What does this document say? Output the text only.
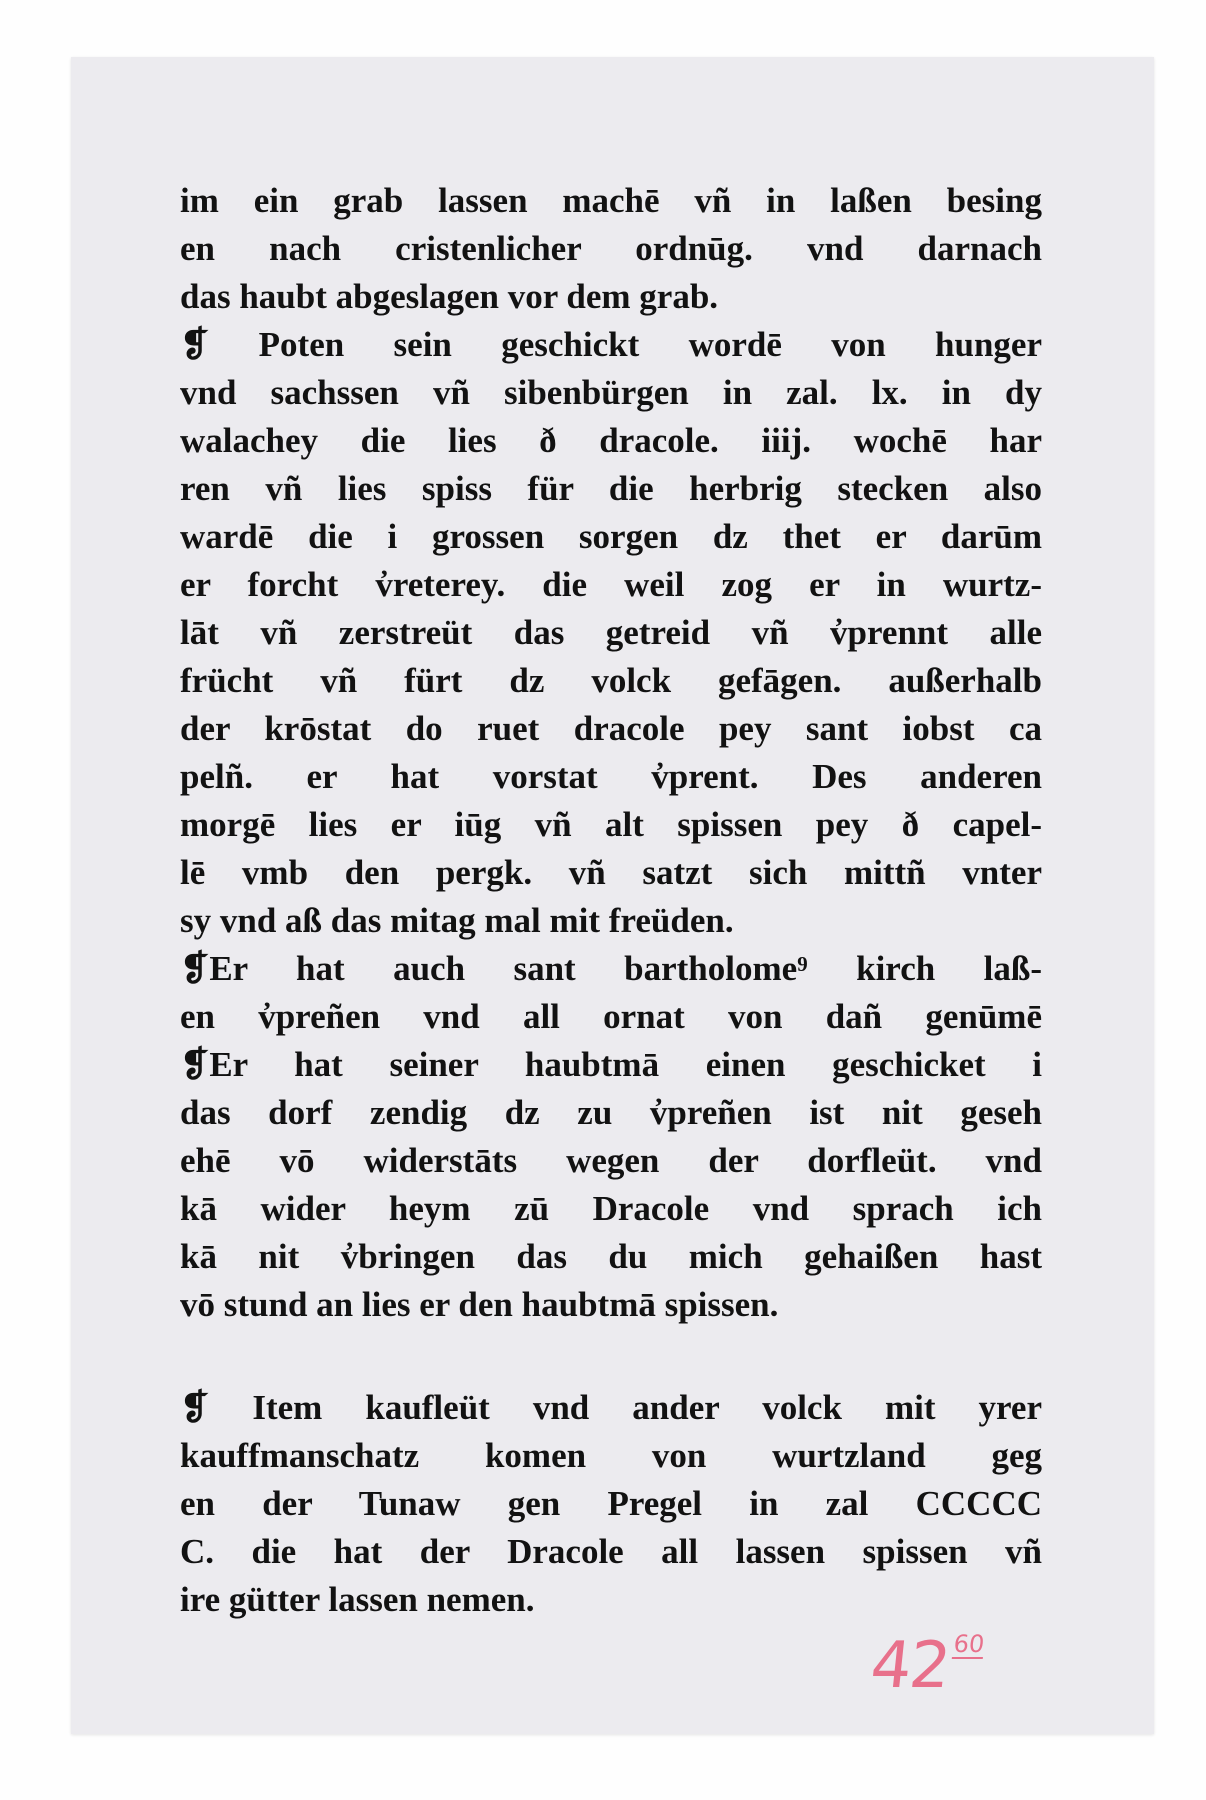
im ein grab lassen machē vñ in laßen besing
en nach cristenlicher ordnūg. vnd darnach
das haubt abgeslagen vor dem grab.
❡ Poten sein geschickt wordē von hunger
vnd sachssen vñ sibenbürgen in zal. lx. in dy
walachey die lies ð dracole. iiij. wochē har
ren vñ lies spiss für die herbrig stecken also
wardē die i grossen sorgen dz thet er darūm
er forcht v̓reterey. die weil zog er in wurtz-
lāt vñ zerstreüt das getreid vñ v̓prennt alle
frücht vñ fürt dz volck gefāgen. außerhalb
der krōstat do ruet dracole pey sant iobst ca
pelñ. er hat vorstat v̓prent. Des anderen
morgē lies er iūg vñ alt spissen pey ð capel-
lē vmb den pergk. vñ satzt sich mittñ vnter
sy vnd aß das mitag mal mit freüden.
❡Er hat auch sant bartholome⁹ kirch laß-
en v̓preñen vnd all ornat von dañ genūmē
❡Er hat seiner haubtmā einen geschicket i
das dorf zendig dz zu v̓preñen ist nit geseh
ehē vō widerstāts wegen der dorfleüt. vnd
kā wider heym zū Dracole vnd sprach ich
kā nit v̓bringen das du mich gehaißen hast
vō stund an lies er den haubtmā spissen.
❡ Item kaufleüt vnd ander volck mit yrer
kauffmanschatz komen von wurtzland geg
en der Tunaw gen Pregel in zal CCCCC
C. die hat der Dracole all lassen spissen vñ
ire gütter lassen nemen.
4260
